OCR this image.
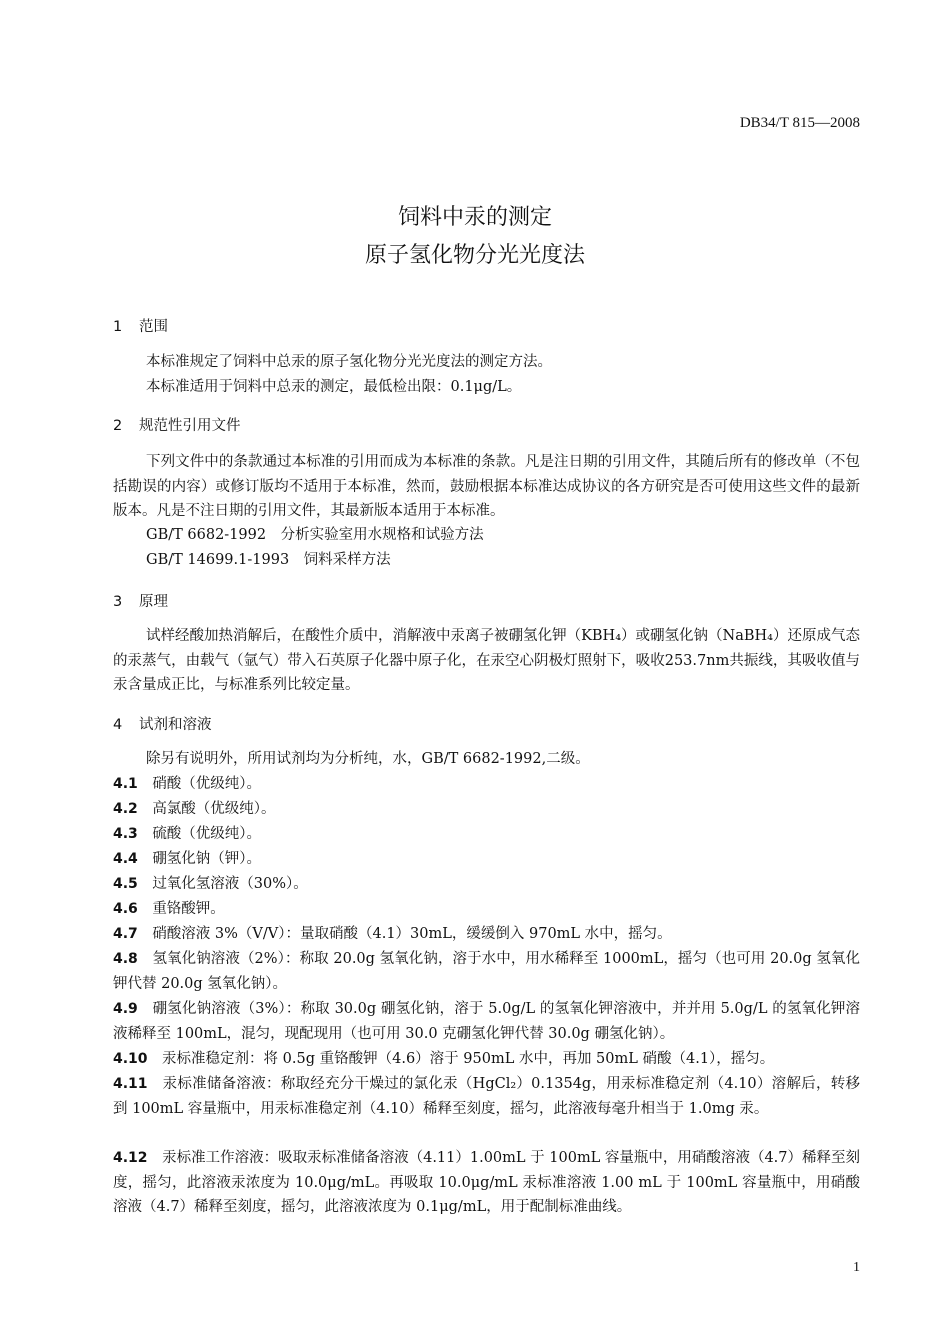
DB34/T 815—2008
饲料中汞的测定
原子氢化物分光光度法
1 范围
本标准规定了饲料中总汞的原子氢化物分光光度法的测定方法。
本标准适用于饲料中总汞的测定，最低检出限：0.1μg/L。
2 规范性引用文件
下列文件中的条款通过本标准的引用而成为本标准的条款。凡是注日期的引用文件，其随后所有的修改单（不包括勘误的内容）或修订版均不适用于本标准，然而，鼓励根据本标准达成协议的各方研究是否可使用这些文件的最新版本。凡是不注日期的引用文件，其最新版本适用于本标准。
GB/T 6682-1992　分析实验室用水规格和试验方法
GB/T 14699.1-1993　饲料采样方法
3 原理
试样经酸加热消解后，在酸性介质中，消解液中汞离子被硼氢化钾（KBH₄）或硼氢化钠（NaBH₄）还原成气态的汞蒸气，由载气（氩气）带入石英原子化器中原子化，在汞空心阴极灯照射下，吸收253.7nm共振线，其吸收值与汞含量成正比，与标准系列比较定量。
4 试剂和溶液
除另有说明外，所用试剂均为分析纯，水，GB/T 6682-1992,二级。
4.1　 硝酸（优级纯）。
4.2　 高氯酸（优级纯）。
4.3　 硫酸（优级纯）。
4.4　 硼氢化钠（钾）。
4.5　 过氧化氢溶液（30%）。
4.6　 重铬酸钾。
4.7　 硝酸溶液 3%（V/V）：量取硝酸（4.1）30mL，缓缓倒入 970mL 水中，摇匀。
4.8　 氢氧化钠溶液（2%）：称取 20.0g 氢氧化钠，溶于水中，用水稀释至 1000mL，摇匀（也可用 20.0g 氢氧化钾代替 20.0g 氢氧化钠）。
4.9　 硼氢化钠溶液（3%）：称取 30.0g 硼氢化钠，溶于 5.0g/L 的氢氧化钾溶液中，并并用 5.0g/L 的氢氧化钾溶液稀释至 100mL，混匀，现配现用（也可用 30.0 克硼氢化钾代替 30.0g 硼氢化钠）。
4.10　 汞标准稳定剂：将 0.5g 重铬酸钾（4.6）溶于 950mL 水中，再加 50mL 硝酸（4.1），摇匀。
4.11　 汞标准储备溶液：称取经充分干燥过的氯化汞（HgCl₂）0.1354g，用汞标准稳定剂（4.10）溶解后，转移到 100mL 容量瓶中，用汞标准稳定剂（4.10）稀释至刻度，摇匀，此溶液每毫升相当于 1.0mg 汞。
4.12　 汞标准工作溶液：吸取汞标准储备溶液（4.11）1.00mL 于 100mL 容量瓶中，用硝酸溶液（4.7）稀释至刻度，摇匀，此溶液汞浓度为 10.0μg/mL。再吸取 10.0μg/mL 汞标准溶液 1.00 mL 于 100mL 容量瓶中，用硝酸溶液（4.7）稀释至刻度，摇匀，此溶液浓度为 0.1μg/mL，用于配制标准曲线。
1
